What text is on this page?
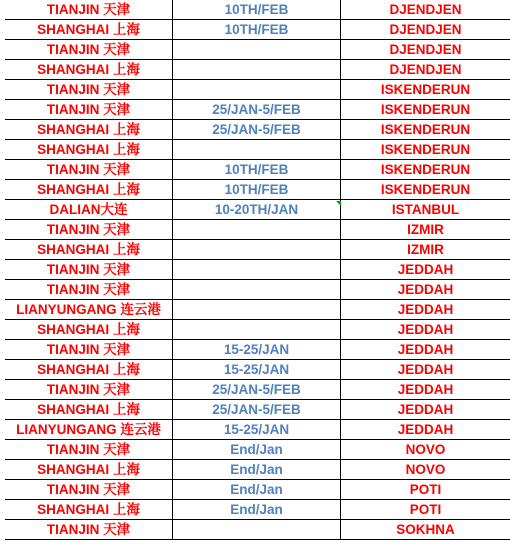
TIANJIN 天津	10TH/FEB	DJENDJEN
SHANGHAI 上海	10TH/FEB	DJENDJEN
TIANJIN 天津		DJENDJEN
SHANGHAI 上海		DJENDJEN
TIANJIN 天津		ISKENDERUN
TIANJIN 天津	25/JAN-5/FEB	ISKENDERUN
SHANGHAI 上海	25/JAN-5/FEB	ISKENDERUN
SHANGHAI 上海		ISKENDERUN
TIANJIN 天津	10TH/FEB	ISKENDERUN
SHANGHAI 上海	10TH/FEB	ISKENDERUN
DALIAN大连	10-20TH/JAN	ISTANBUL
TIANJIN 天津		IZMIR
SHANGHAI 上海		IZMIR
TIANJIN 天津		JEDDAH
TIANJIN 天津		JEDDAH
LIANYUNGANG 连云港		JEDDAH
SHANGHAI 上海		JEDDAH
TIANJIN 天津	15-25/JAN	JEDDAH
SHANGHAI 上海	15-25/JAN	JEDDAH
TIANJIN 天津	25/JAN-5/FEB	JEDDAH
SHANGHAI 上海	25/JAN-5/FEB	JEDDAH
LIANYUNGANG 连云港	15-25/JAN	JEDDAH
TIANJIN 天津	End/Jan	NOVO
SHANGHAI 上海	End/Jan	NOVO
TIANJIN 天津	End/Jan	POTI
SHANGHAI 上海	End/Jan	POTI
TIANJIN 天津		SOKHNA
